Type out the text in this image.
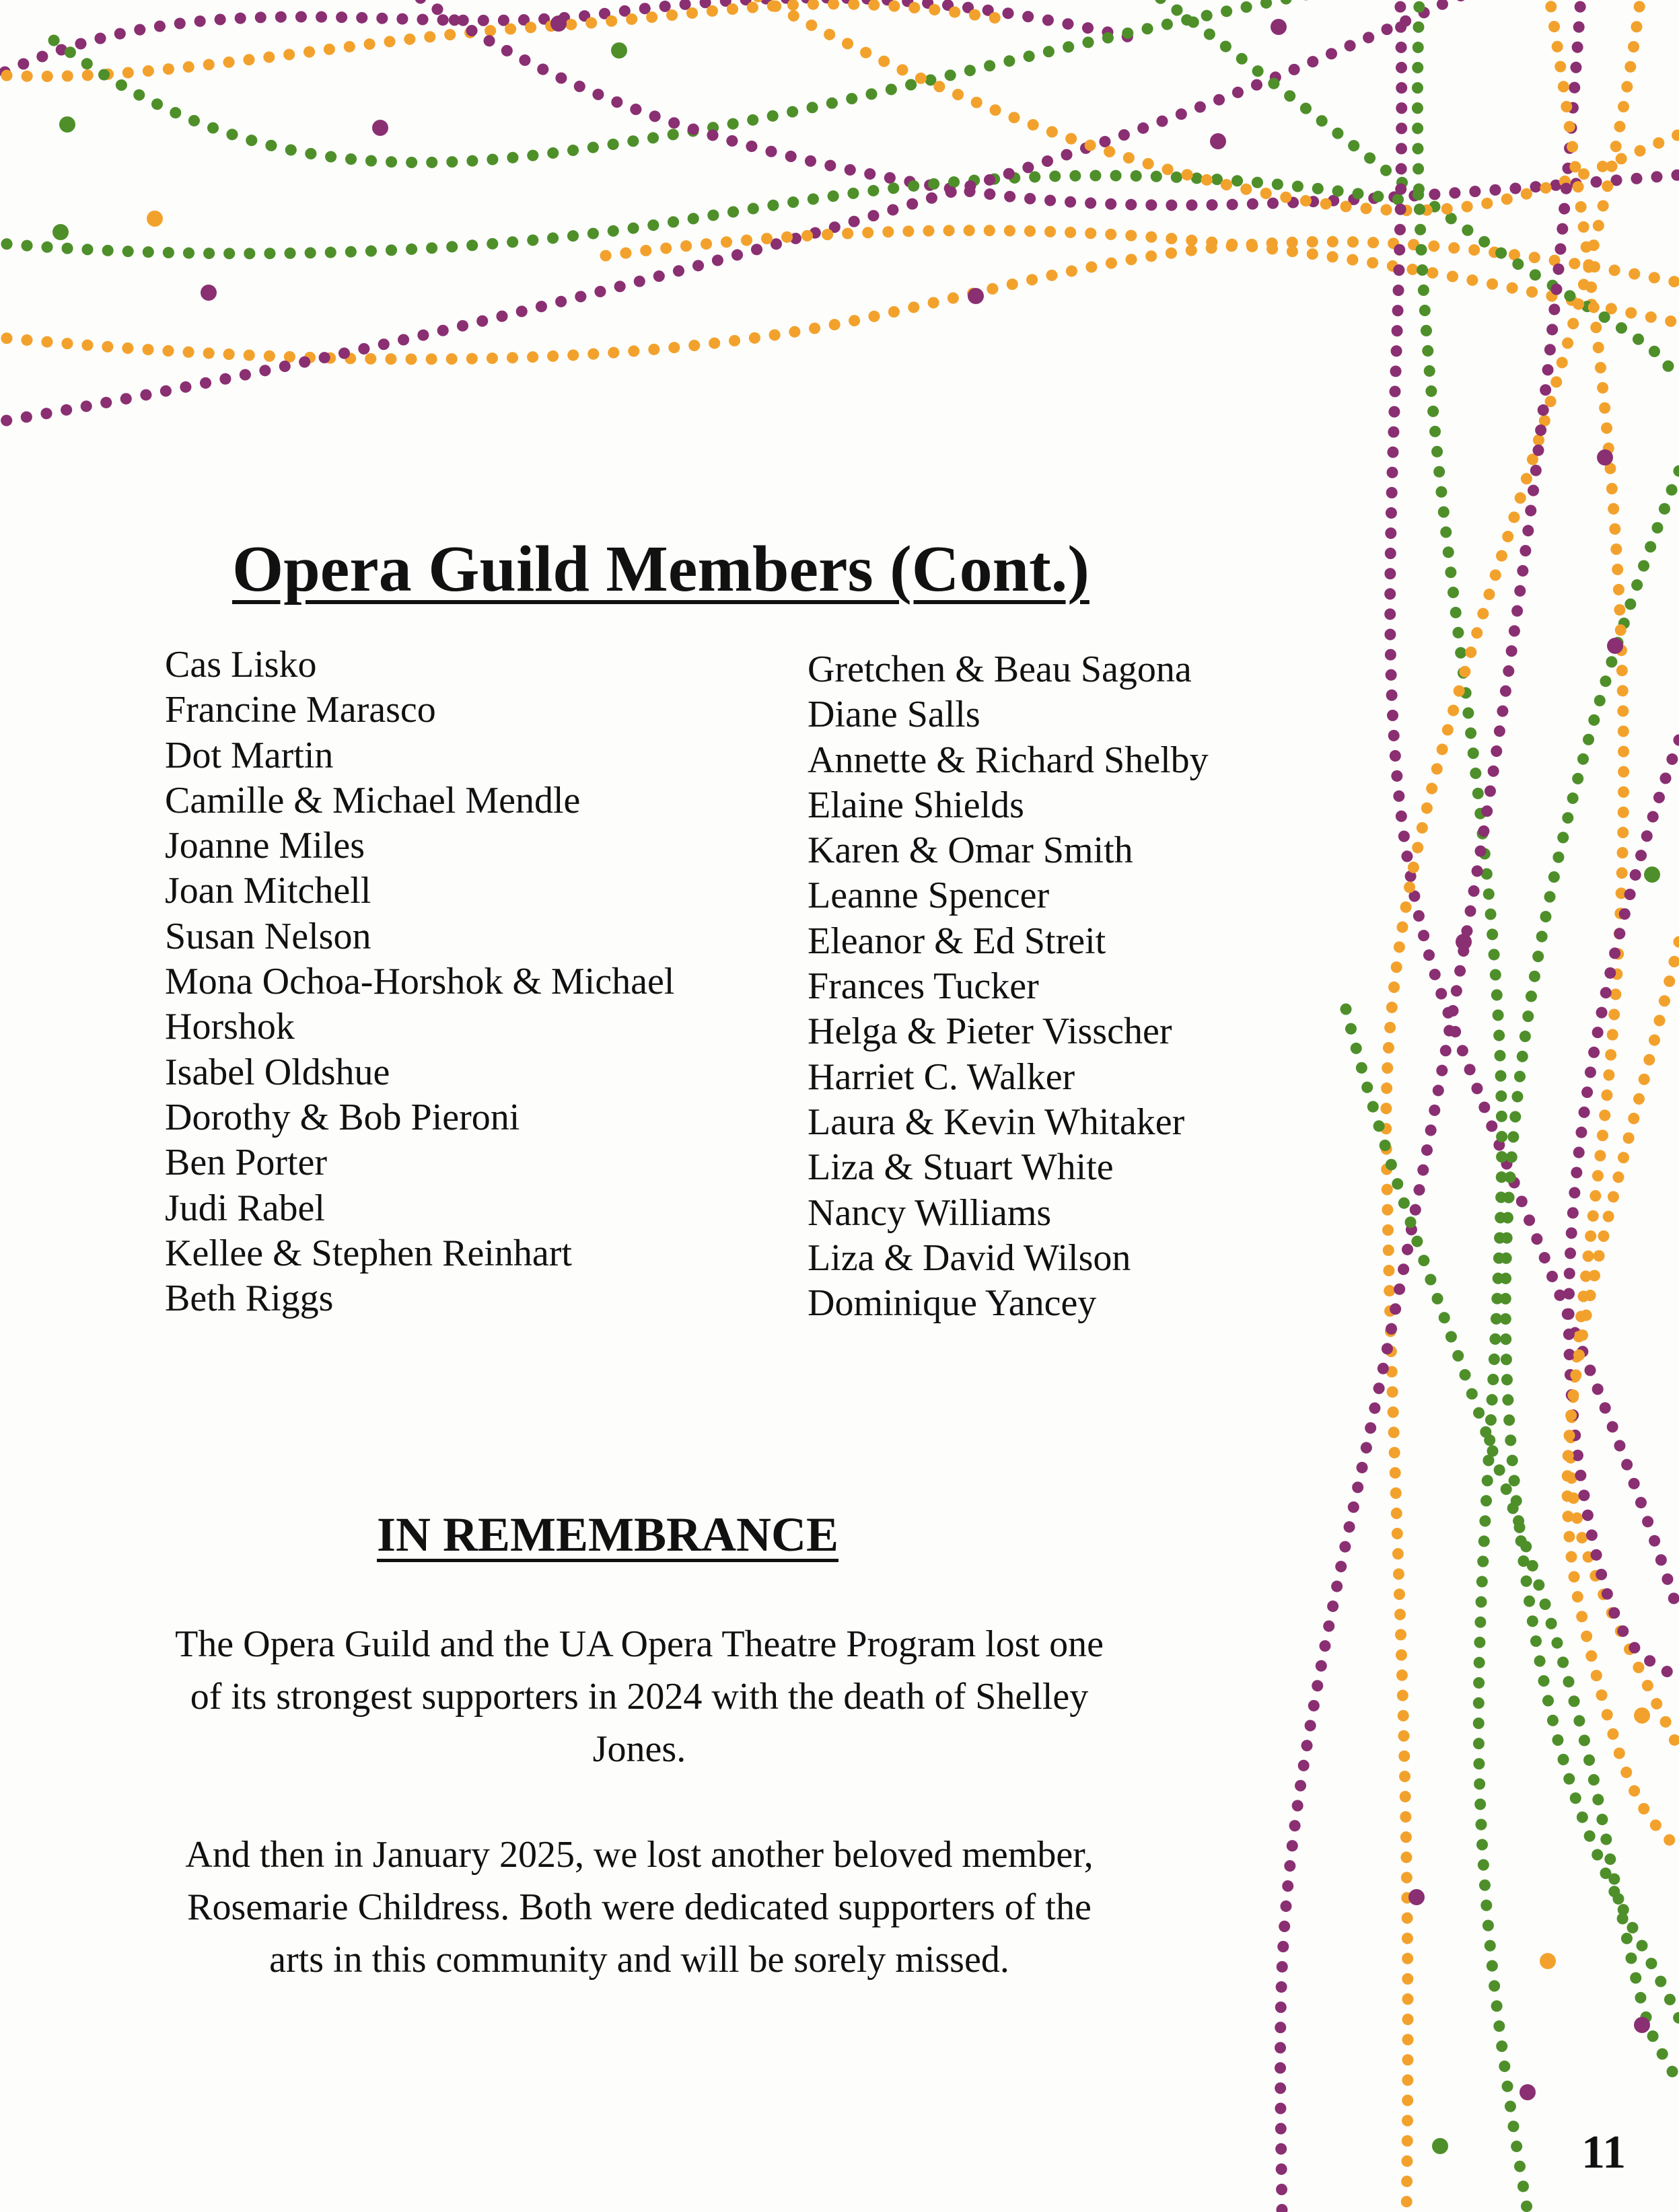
Opera Guild Members (Cont.)
Cas Lisko
Francine Marasco
Dot Martin
Camille & Michael Mendle
Joanne Miles
Joan Mitchell
Susan Nelson
Mona Ochoa-Horshok & Michael
Horshok
Isabel Oldshue
Dorothy & Bob Pieroni
Ben Porter
Judi Rabel
Kellee & Stephen Reinhart
Beth Riggs
Gretchen & Beau Sagona
Diane Salls
Annette & Richard Shelby
Elaine Shields
Karen & Omar Smith
Leanne Spencer
Eleanor & Ed Streit
Frances Tucker
Helga & Pieter Visscher
Harriet C. Walker
Laura & Kevin Whitaker
Liza & Stuart White
Nancy Williams
Liza & David Wilson
Dominique Yancey
IN REMEMBRANCE

The Opera Guild and the UA Opera Theatre Program lost one of its strongest supporters in 2024 with the death of Shelley Jones.

And then in January 2025, we lost another beloved member, Rosemarie Childress. Both were dedicated supporters of the arts in this community and will be sorely missed.

11
